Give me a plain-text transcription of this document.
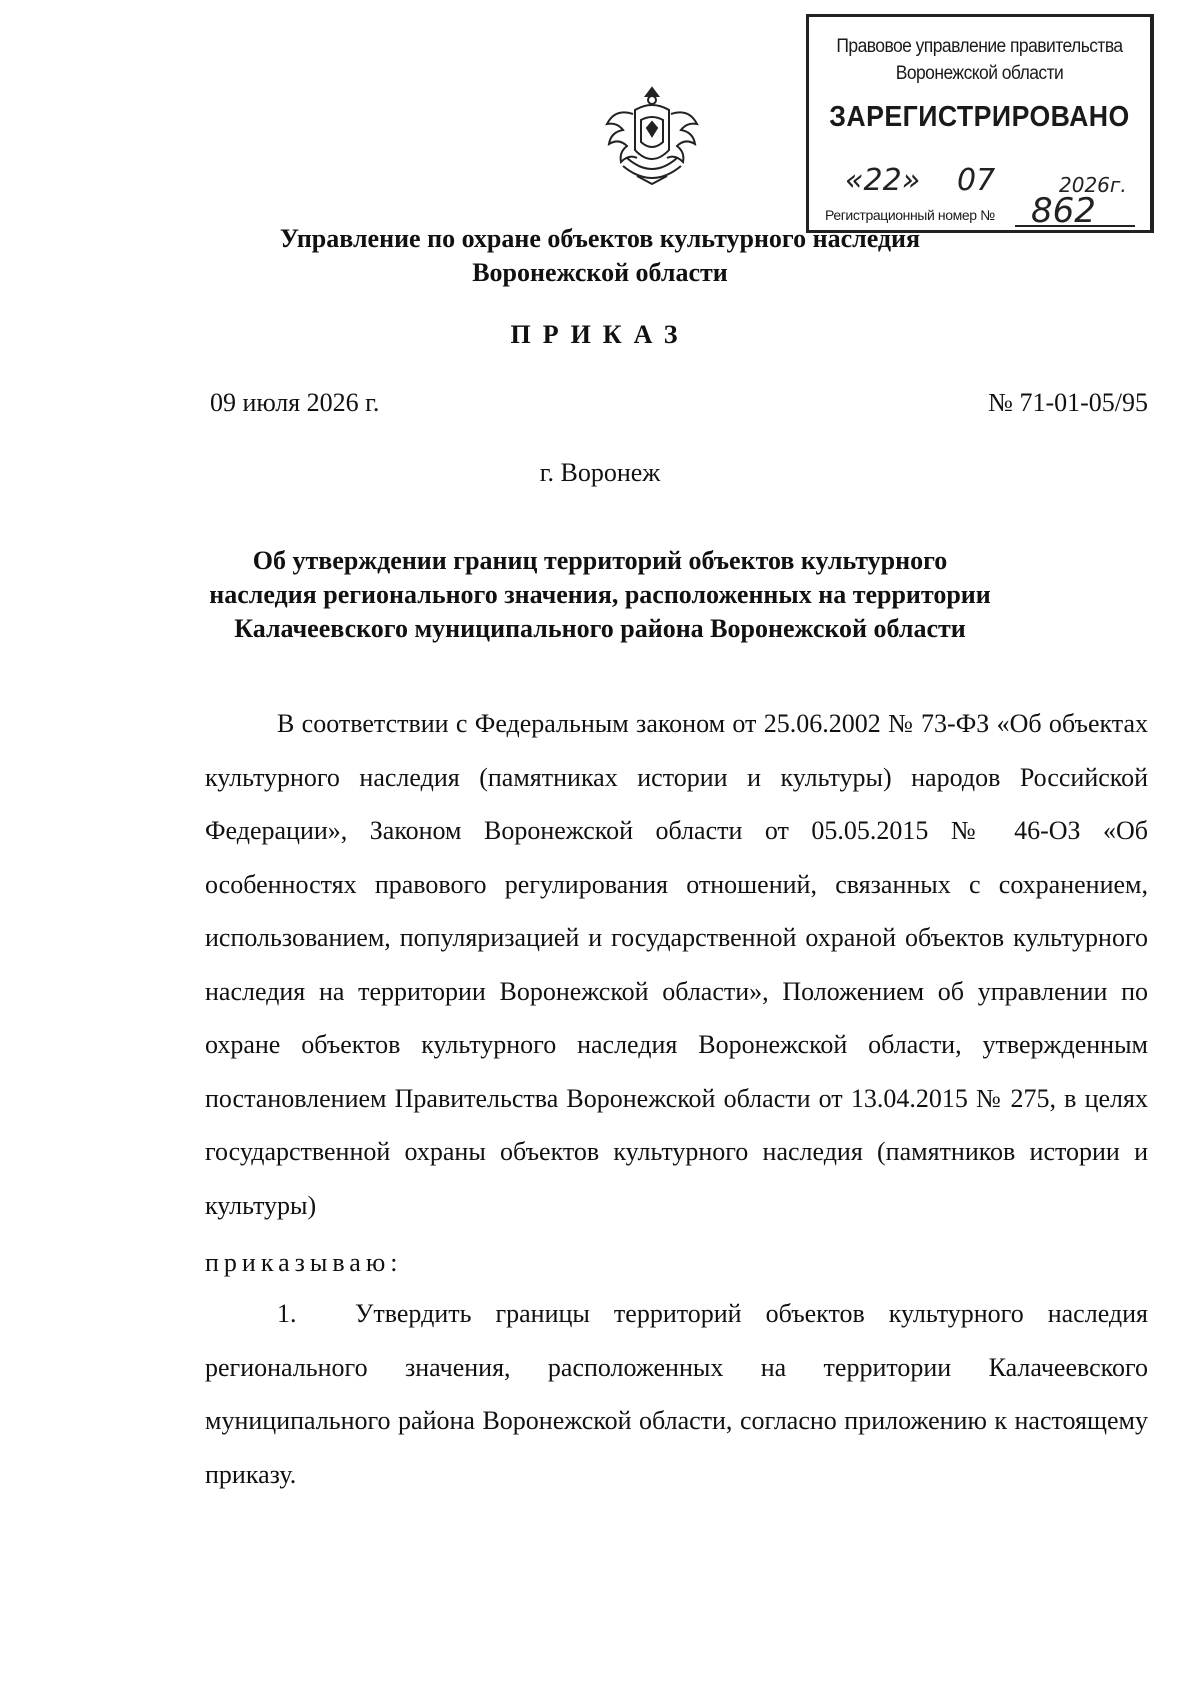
Правовое управление правительства
Воронежской области
ЗАРЕГИСТРИРОВАНО
«22» 07	2026г.
Регистрационный номер № 862
Управление по охране объектов культурного наследия
Воронежской области
ПРИКАЗ
09 июля 2026 г.	№ 71-01-05/95
г. Воронеж
Об утверждении границ территорий объектов культурного
наследия регионального значения, расположенных на территории
Калачеевского муниципального района Воронежской области
В соответствии с Федеральным законом от 25.06.2002 № 73-ФЗ «Об объектах культурного наследия (памятниках истории и культуры) народов Российской Федерации», Законом Воронежской области от 05.05.2015 № 46-ОЗ «Об особенностях правового регулирования отношений, связанных с сохранением, использованием, популяризацией и государственной охраной объектов культурного наследия на территории Воронежской области», Положением об управлении по охране объектов культурного наследия Воронежской области, утвержденным постановлением Правительства Воронежской области от 13.04.2015 № 275, в целях государственной охраны объектов культурного наследия (памятников истории и культуры)
приказываю:
1. Утвердить границы территорий объектов культурного наследия регионального значения, расположенных на территории Калачеевского муниципального района Воронежской области, согласно приложению к настоящему приказу.
